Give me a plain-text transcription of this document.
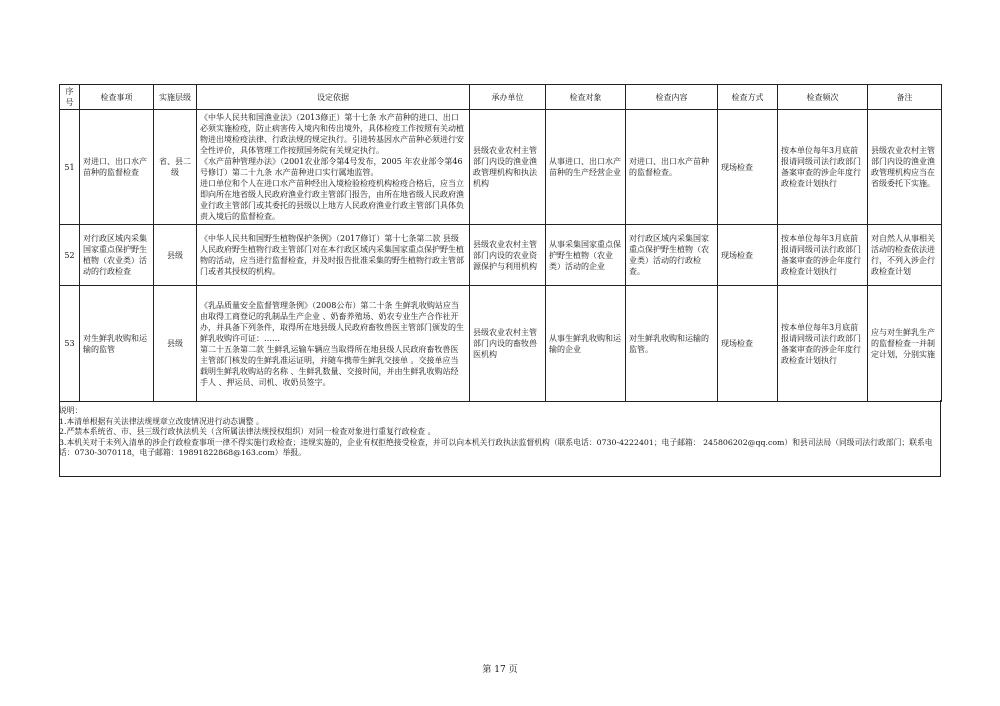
序号	检查事项	实施层级	设定依据	承办单位	检查对象	检查内容	检查方式	检查频次	备注
51	对进口、出口水产苗种的监督检查	省、县二级	《中华人民共和国渔业法》（2013修正）第十七条 水产苗种的进口、出口必须实施检疫，防止病害传入境内和传出境外，具体检疫工作按照有关动植物进出境检疫法律、行政法规的规定执行。引进转基因水产苗种必须进行安全性评价，具体管理工作按照国务院有关规定执行。
《水产苗种管理办法》（2001农业部令第4号发布，2005 年农业部令第46号修订）第二十九条 水产苗种进口实行属地监管。
进口单位和个人在进口水产苗种经出入境检验检疫机构检疫合格后，应当立即向所在地省级人民政府渔业行政主管部门报告，由所在地省级人民政府渔业行政主管部门或其委托的县级以上地方人民政府渔业行政主管部门具体负责入境后的监督检查。	县级农业农村主管部门内设的渔业渔政管理机构和执法机构	从事进口、出口水产苗种的生产经营企业	对进口、出口水产苗种的监督检查。	现场检查	按本单位每年3月底前报请同级司法行政部门备案审查的涉企年度行政检查计划执行	县级农业农村主管部门内设的渔业渔政管理机构应当在省级委托下实施。
52	对行政区域内采集国家重点保护野生植物（农业类）活动的行政检查	县级	《中华人民共和国野生植物保护条例》（2017修订）第十七条第二款 县级人民政府野生植物行政主管部门对在本行政区域内采集国家重点保护野生植物的活动，应当进行监督检查，并及时报告批准采集的野生植物行政主管部门或者其授权的机构。	县级农业农村主管部门内设的农业资源保护与利用机构	从事采集国家重点保护野生植物（农业类）活动的企业	对行政区域内采集国家重点保护野生植物（农业类）活动的行政检查。	现场检查	按本单位每年3月底前报请同级司法行政部门备案审查的涉企年度行政检查计划执行	对自然人从事相关活动的检查依法进行，不列入涉企行政检查计划
53	对生鲜乳收购和运输的监管	县级	《乳品质量安全监督管理条例》（2008公布）第二十条 生鲜乳收购站应当由取得工商登记的乳制品生产企业 、奶畜养殖场、奶农专业生产合作社开办，并具备下列条件，取得所在地县级人民政府畜牧兽医主管部门颁发的生鲜乳收购许可证：……
第二十五条第二款 生鲜乳运输车辆应当取得所在地县级人民政府畜牧兽医主管部门核发的生鲜乳准运证明，并随车携带生鲜乳交接单 。交接单应当载明生鲜乳收购站的名称 、生鲜乳数量、交接时间，并由生鲜乳收购站经手人 、押运员、司机、收奶员签字。	县级农业农村主管部门内设的畜牧兽医机构	从事生鲜乳收购和运输的企业	对生鲜乳收购和运输的监管。	现场检查	按本单位每年3月底前报请同级司法行政部门备案审查的涉企年度行政检查计划执行	应与对生鲜乳生产的监督检查一并制定计划，分别实施
说明：
1.本清单根据有关法律法规规章立改废情况进行动态调整 。
2.严禁本系统省、市、县三级行政执法机关（含所属法律法规授权组织）对同一检查对象进行重复行政检查 。
3.本机关对于未列入清单的涉企行政检查事项一律不得实施行政检查；违规实施的，企业有权拒绝接受检查，并可以向本机关行政执法监督机构（联系电话：0730-4222401；电子邮箱： 245806202@qq.com）和县司法局（同级司法行政部门；联系电话：0730-3070118，电子邮箱：19891822868@163.com）举报。
第 17 页
